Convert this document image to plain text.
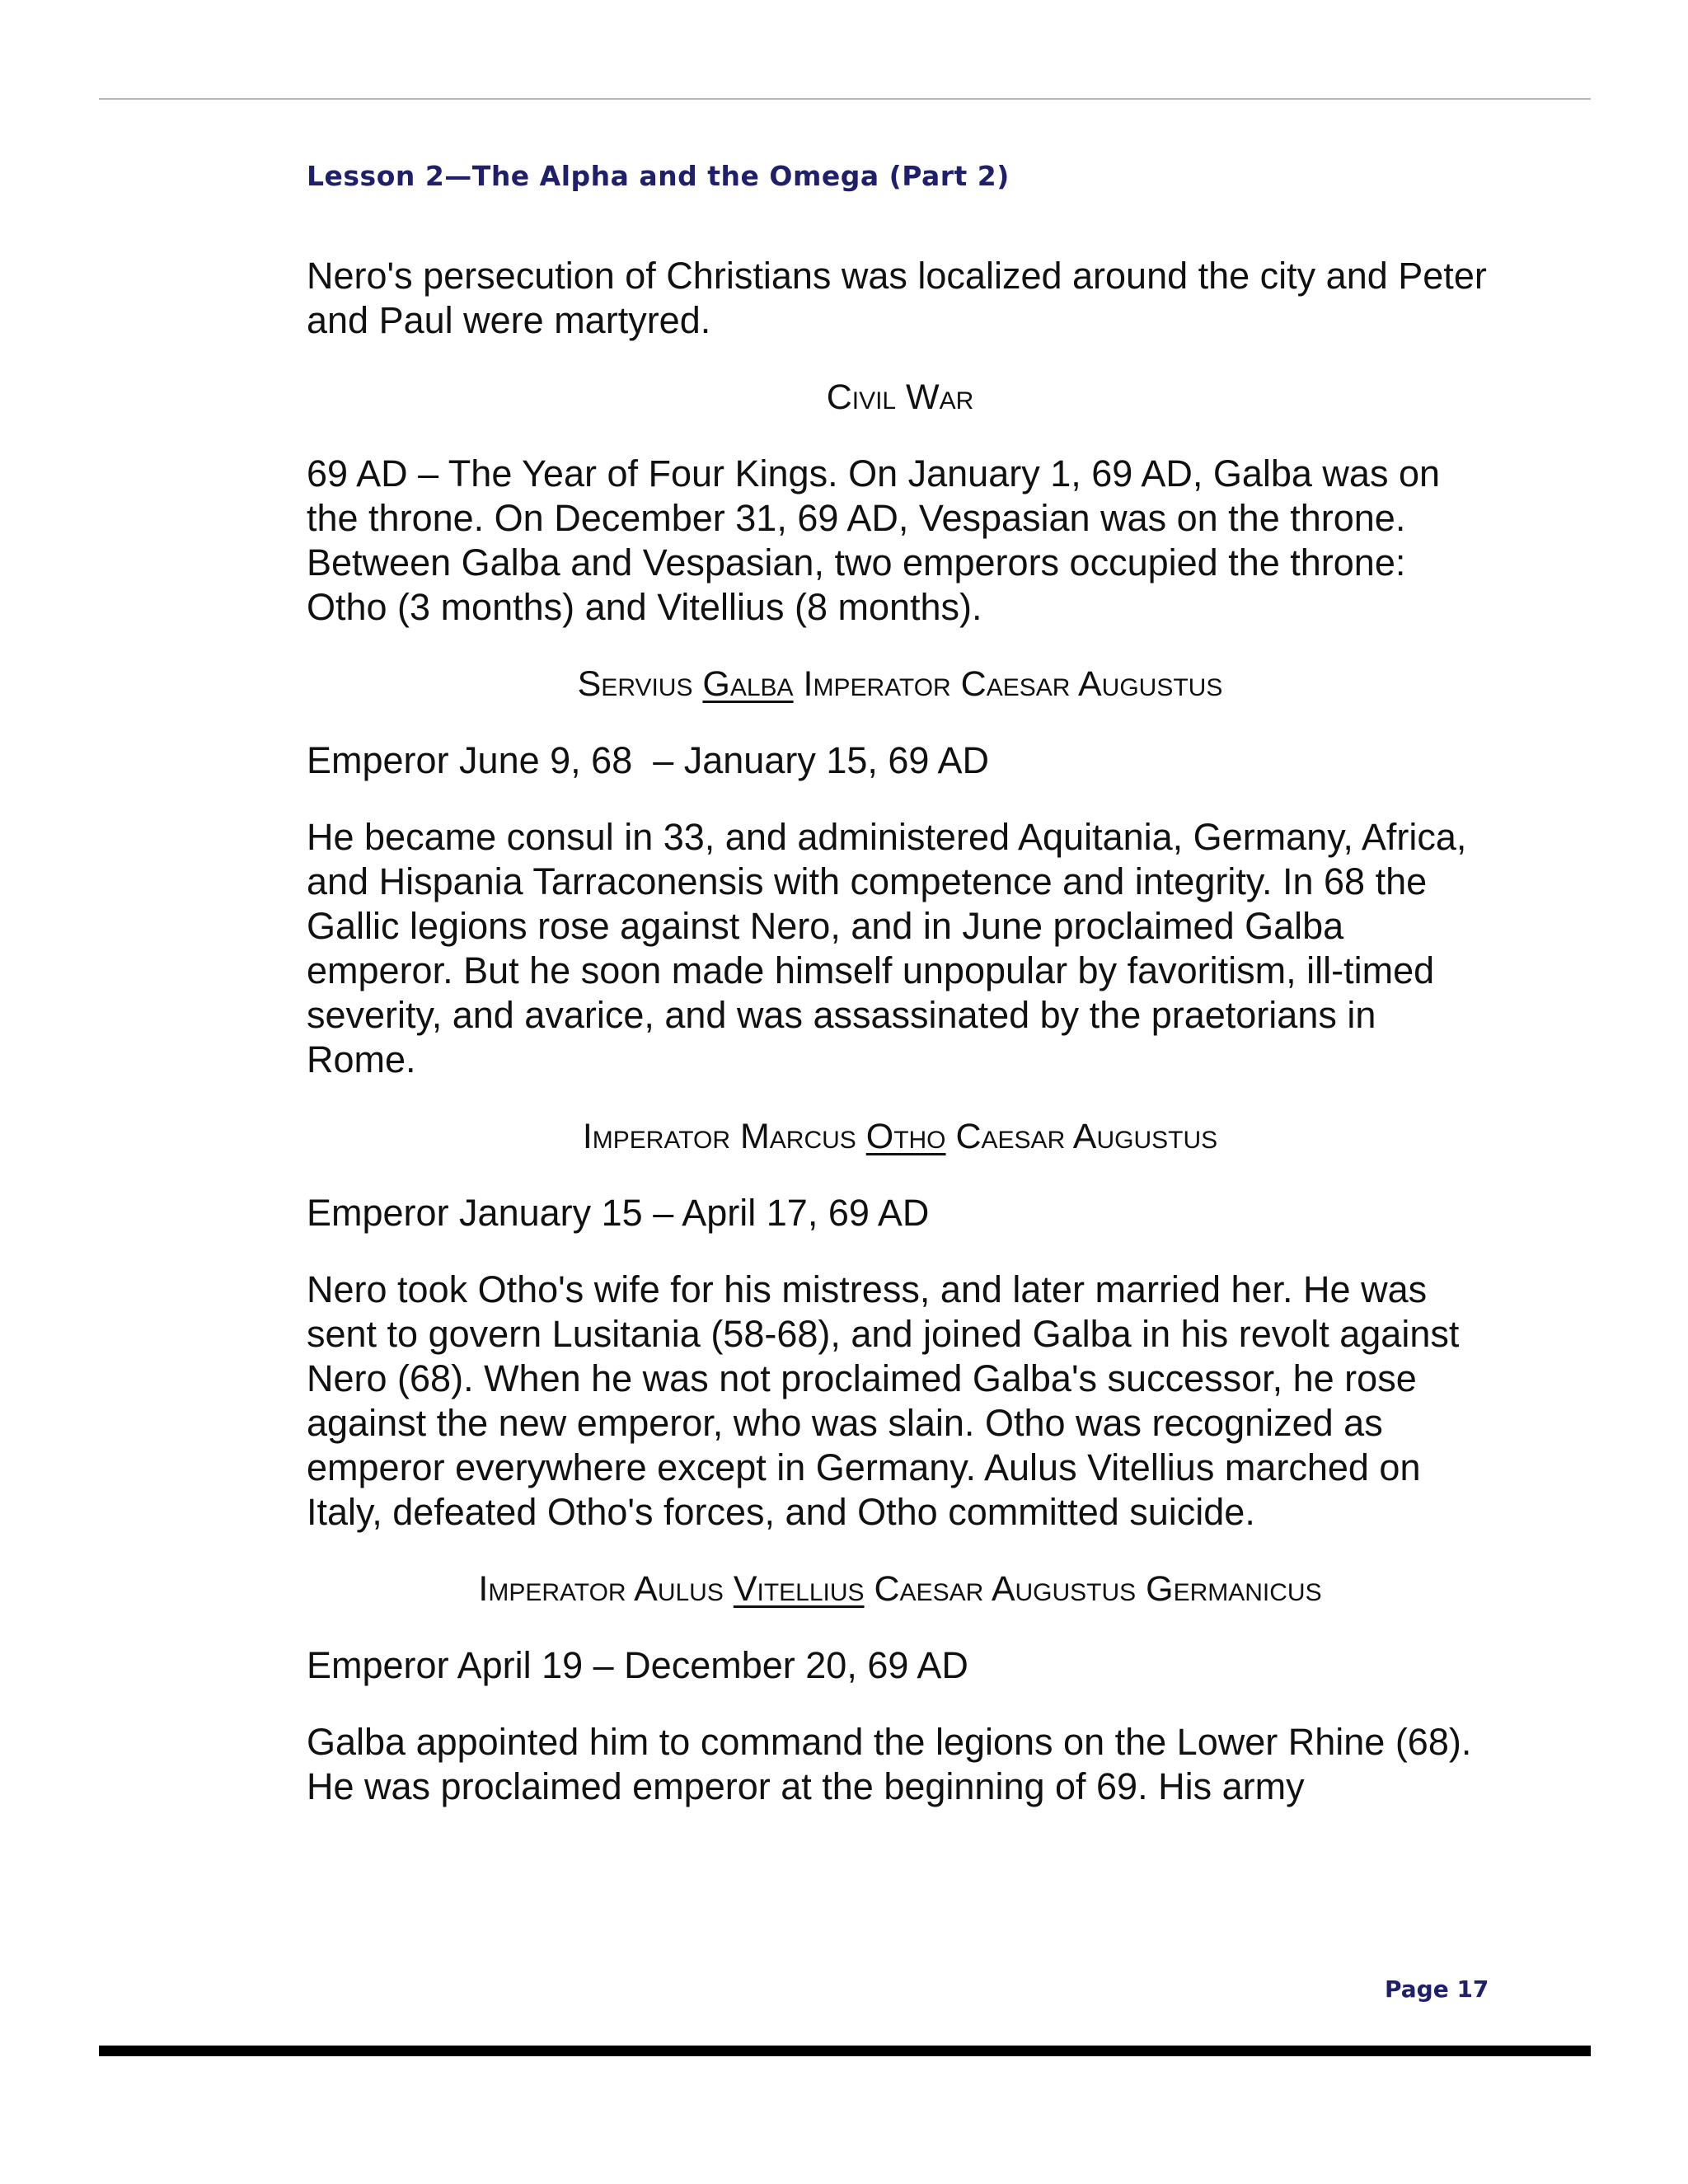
Lesson 2—The Alpha and the Omega (Part 2)

Nero's persecution of Christians was localized around the city and Peter and Paul were martyred.

Civil War

69 AD – The Year of Four Kings. On January 1, 69 AD, Galba was on the throne. On December 31, 69 AD, Vespasian was on the throne. Between Galba and Vespasian, two emperors occupied the throne: Otho (3 months) and Vitellius (8 months).

Servius Galba Imperator Caesar Augustus

Emperor June 9, 68  – January 15, 69 AD

He became consul in 33, and administered Aquitania, Germany, Africa, and Hispania Tarraconensis with competence and integrity. In 68 the Gallic legions rose against Nero, and in June proclaimed Galba emperor. But he soon made himself unpopular by favoritism, ill-timed severity, and avarice, and was assassinated by the praetorians in Rome.

Imperator Marcus Otho Caesar Augustus

Emperor January 15 – April 17, 69 AD

Nero took Otho's wife for his mistress, and later married her. He was sent to govern Lusitania (58-68), and joined Galba in his revolt against Nero (68). When he was not proclaimed Galba's successor, he rose against the new emperor, who was slain. Otho was recognized as emperor everywhere except in Germany. Aulus Vitellius marched on Italy, defeated Otho's forces, and Otho committed suicide.

Imperator Aulus Vitellius Caesar Augustus Germanicus

Emperor April 19 – December 20, 69 AD

Galba appointed him to command the legions on the Lower Rhine (68). He was proclaimed emperor at the beginning of 69. His army

Page 17
